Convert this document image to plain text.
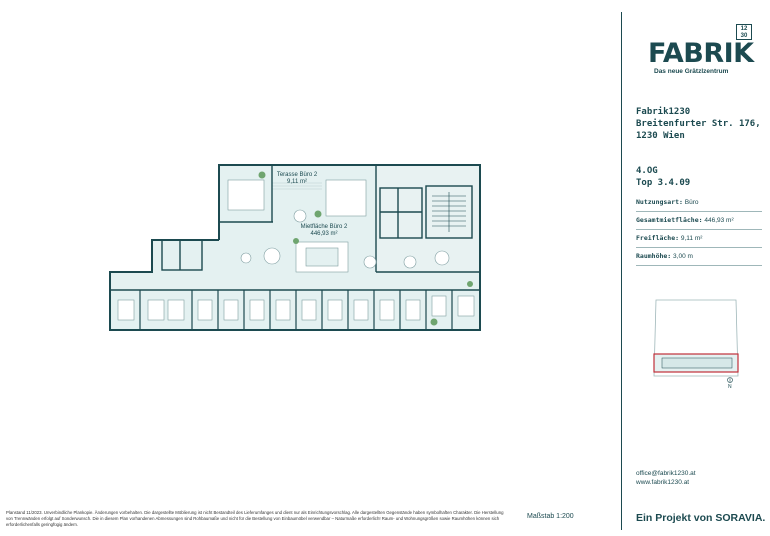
Terasse Büro 2
9,11 m²
Mietfläche Büro 2
446,93 m²
FABRIK
12
30
Das neue Grätzlzentrum
Fabrik1230
Breitenfurter Str. 176,
1230 Wien
4.OG
Top 3.4.09
Nutzungsart: Büro
Gesamtmietfläche: 446,93 m²
Freifläche: 9,11 m²
Raumhöhe: 3,00 m
N
office@fabrik1230.at
www.fabrik1230.at
Planstand 11/2023. Unverbindliche Plankopie. Änderungen vorbehalten. Die dargestellte Möblierung ist nicht Bestandteil des Lieferumfanges und dient nur als Einrichtungsvorschlag. Alle dargestellten Gegenstände haben symbolhaften Charakter. Die Herstellung von Trennwänden erfolgt auf Sonderwunsch. Die in diesem Plan vorhandenen Abmessungen sind Rohbaumaße und nicht für die Bestellung von Einbaumöbel verwendbar – Naturmaße erforderlich! Raum- und Wohnungsgrößen sowie Raumhöhen können sich erforderlichenfalls geringfügig ändern.
Maßstab 1:200	Ein Projekt von SORAVIA.
